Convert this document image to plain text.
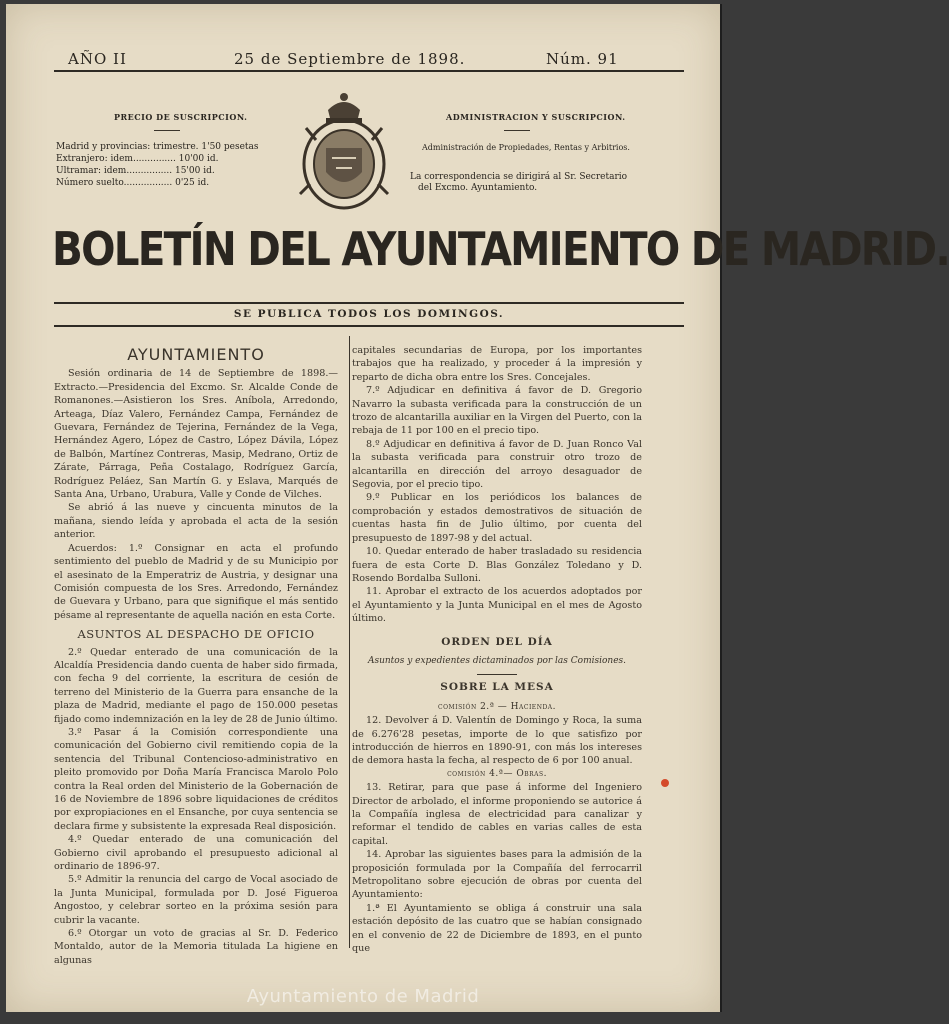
AÑO II	25 de Septiembre de 1898.	Núm. 91
PRECIO DE SUSCRIPCION.
Madrid y provincias: trimestre. 1'50 pesetas
Extranjero: idem............... 10'00 id.
Ultramar: idem................ 15'00 id.
Número suelto................. 0'25 id.
ADMINISTRACION Y SUSCRIPCION.
Administración de Propiedades, Rentas y Arbitrios.
La correspondencia se dirigirá al Sr. Secretario
del Excmo. Ayuntamiento.
BOLETÍN DEL AYUNTAMIENTO DE MADRID.
SE PUBLICA TODOS LOS DOMINGOS.
AYUNTAMIENTO

Sesión ordinaria de 14 de Septiembre de 1898.—Extracto.—Presidencia del Excmo. Sr. Alcalde Conde de Romanones.—Asistieron los Sres. Aníbola, Arredondo, Arteaga, Díaz Valero, Fernández Campa, Fernández de Guevara, Fernández de Tejerina, Fernández de la Vega, Hernández Agero, López de Castro, López Dávila, López de Balbón, Martínez Contreras, Masip, Medrano, Ortiz de Zárate, Párraga, Peña Costalago, Rodríguez García, Rodríguez Peláez, San Martín G. y Eslava, Marqués de Santa Ana, Urbano, Urabura, Valle y Conde de Vilches.

Se abrió á las nueve y cincuenta minutos de la mañana, siendo leída y aprobada el acta de la sesión anterior.

Acuerdos: 1.º Consignar en acta el profundo sentimiento del pueblo de Madrid y de su Municipio por el asesinato de la Emperatriz de Austria, y designar una Comisión compuesta de los Sres. Arredondo, Fernández de Guevara y Urbano, para que signifique el más sentido pésame al representante de aquella nación en esta Corte.

ASUNTOS AL DESPACHO DE OFICIO

2.º Quedar enterado de una comunicación de la Alcaldía Presidencia dando cuenta de haber sido firmada, con fecha 9 del corriente, la escritura de cesión de terreno del Ministerio de la Guerra para ensanche de la plaza de Madrid, mediante el pago de 150.000 pesetas fijado como indemnización en la ley de 28 de Junio último.

3.º Pasar á la Comisión correspondiente una comunicación del Gobierno civil remitiendo copia de la sentencia del Tribunal Contencioso-administrativo en pleito promovido por Doña María Francisca Marolo Polo contra la Real orden del Ministerio de la Gobernación de 16 de Noviembre de 1896 sobre liquidaciones de créditos por expropiaciones en el Ensanche, por cuya sentencia se declara firme y subsistente la expresada Real disposición.

4.º Quedar enterado de una comunicación del Gobierno civil aprobando el presupuesto adicional al ordinario de 1896-97.

5.º Admitir la renuncia del cargo de Vocal asociado de la Junta Municipal, formulada por D. José Figueroa Angostoo, y celebrar sorteo en la próxima sesión para cubrir la vacante.

6.º Otorgar un voto de gracias al Sr. D. Federico Montaldo, autor de la Memoria titulada La higiene en algunas

capitales secundarias de Europa, por los importantes trabajos que ha realizado, y proceder á la impresión y reparto de dicha obra entre los Sres. Concejales.

7.º Adjudicar en definitiva á favor de D. Gregorio Navarro la subasta verificada para la construcción de un trozo de alcantarilla auxiliar en la Virgen del Puerto, con la rebaja de 11 por 100 en el precio tipo.

8.º Adjudicar en definitiva á favor de D. Juan Ronco Val la subasta verificada para construir otro trozo de alcantarilla en dirección del arroyo desaguador de Segovia, por el precio tipo.

9.º Publicar en los periódicos los balances de comprobación y estados demostrativos de situación de cuentas hasta fin de Julio último, por cuenta del presupuesto de 1897-98 y del actual.

10. Quedar enterado de haber trasladado su residencia fuera de esta Corte D. Blas González Toledano y D. Rosendo Bordalba Sulloni.

11. Aprobar el extracto de los acuerdos adoptados por el Ayuntamiento y la Junta Municipal en el mes de Agosto último.

ORDEN DEL DÍA

Asuntos y expedientes dictaminados por las Comisiones.

SOBRE LA MESA

comisión 2.ª — Hacienda.

12. Devolver á D. Valentín de Domingo y Roca, la suma de 6.276'28 pesetas, importe de lo que satisfizo por introducción de hierros en 1890-91, con más los intereses de demora hasta la fecha, al respecto de 6 por 100 anual.

comisión 4.ª— Obras.

13. Retirar, para que pase á informe del Ingeniero Director de arbolado, el informe proponiendo se autorice á la Compañía inglesa de electricidad para canalizar y reformar el tendido de cables en varias calles de esta capital.

14. Aprobar las siguientes bases para la admisión de la proposición formulada por la Compañía del ferrocarril Metropolitano sobre ejecución de obras por cuenta del Ayuntamiento:

1.ª El Ayuntamiento se obliga á construir una sala estación depósito de las cuatro que se habían consignado en el convenio de 22 de Diciembre de 1893, en el punto que

Ayuntamiento de Madrid
